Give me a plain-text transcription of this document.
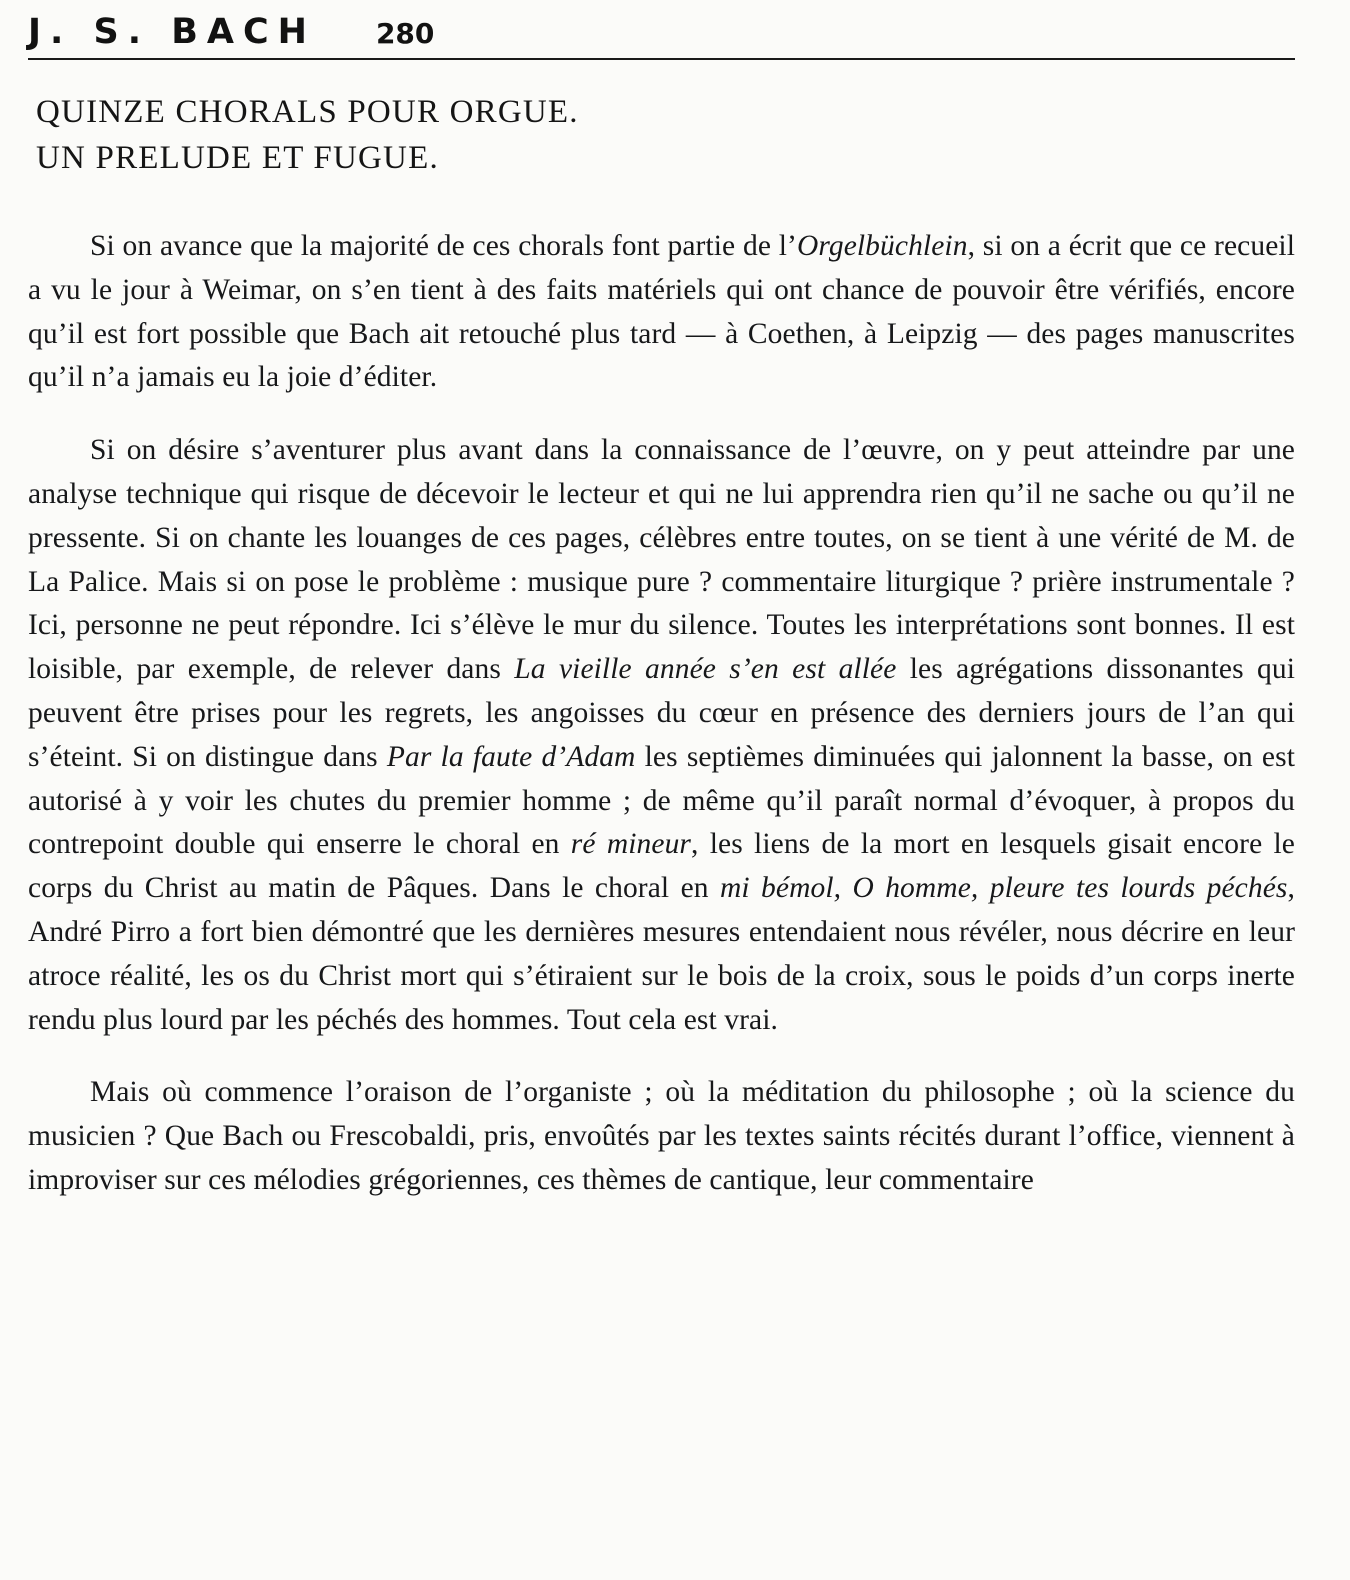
J. S. BACH 280
QUINZE CHORALS POUR ORGUE.
UN PRELUDE ET FUGUE.

Si on avance que la majorité de ces chorals font partie de l’Orgelbüchlein, si on a écrit que ce recueil a vu le jour à Weimar, on s’en tient à des faits matériels qui ont chance de pouvoir être vérifiés, encore qu’il est fort possible que Bach ait retouché plus tard — à Coethen, à Leipzig — des pages manuscrites qu’il n’a jamais eu la joie d’éditer.

Si on désire s’aventurer plus avant dans la connaissance de l’œuvre, on y peut atteindre par une analyse technique qui risque de décevoir le lecteur et qui ne lui apprendra rien qu’il ne sache ou qu’il ne pressente. Si on chante les louanges de ces pages, célèbres entre toutes, on se tient à une vérité de M. de La Palice. Mais si on pose le problème : musique pure ? commentaire liturgique ? prière instrumentale ? Ici, personne ne peut répondre. Ici s’élève le mur du silence. Toutes les interprétations sont bonnes. Il est loisible, par exemple, de relever dans La vieille année s’en est allée les agrégations dissonantes qui peuvent être prises pour les regrets, les angoisses du cœur en présence des derniers jours de l’an qui s’éteint. Si on distingue dans Par la faute d’Adam les septièmes diminuées qui jalonnent la basse, on est autorisé à y voir les chutes du premier homme ; de même qu’il paraît normal d’évoquer, à propos du contrepoint double qui enserre le choral en ré mineur, les liens de la mort en lesquels gisait encore le corps du Christ au matin de Pâques. Dans le choral en mi bémol, O homme, pleure tes lourds péchés, André Pirro a fort bien démontré que les dernières mesures entendaient nous révéler, nous décrire en leur atroce réalité, les os du Christ mort qui s’étiraient sur le bois de la croix, sous le poids d’un corps inerte rendu plus lourd par les péchés des hommes. Tout cela est vrai.

Mais où commence l’oraison de l’organiste ; où la méditation du philosophe ; où la science du musicien ? Que Bach ou Frescobaldi, pris, envoûtés par les textes saints récités durant l’office, viennent à improviser sur ces mélodies grégoriennes, ces thèmes de cantique, leur commentaire
